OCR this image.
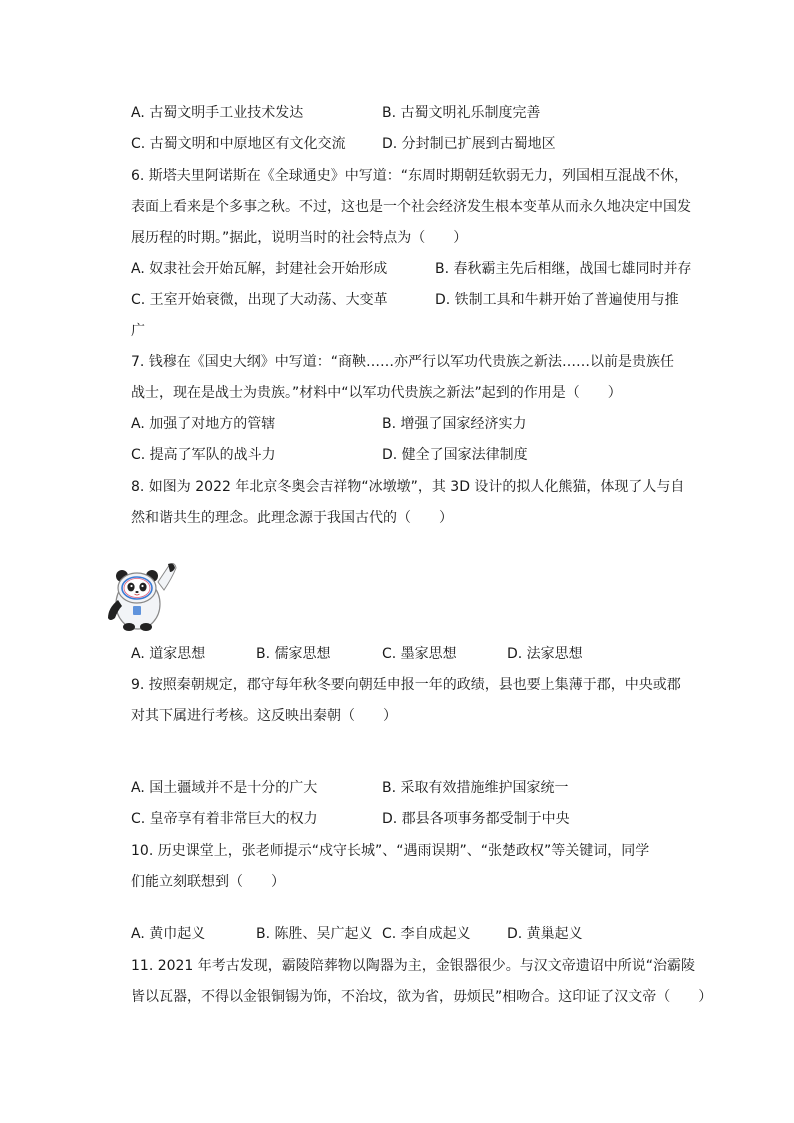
A. 古蜀文明手工业技术发达	B. 古蜀文明礼乐制度完善
C. 古蜀文明和中原地区有文化交流	D. 分封制已扩展到古蜀地区
6. 斯塔夫里阿诺斯在《全球通史》中写道：“东周时期朝廷软弱无力，列国相互混战不休，
表面上看来是个多事之秋。不过，这也是一个社会经济发生根本变革从而永久地决定中国发
展历程的时期。”据此，说明当时的社会特点为（　　）
A. 奴隶社会开始瓦解，封建社会开始形成	B. 春秋霸主先后相继，战国七雄同时并存
C. 王室开始衰微，出现了大动荡、大变革	D. 铁制工具和牛耕开始了普遍使用与推
广
7. 钱穆在《国史大纲》中写道：“商鞅……亦严行以军功代贵族之新法……以前是贵族任
战士，现在是战士为贵族。”材料中“以军功代贵族之新法”起到的作用是（　　）
A. 加强了对地方的管辖	B. 增强了国家经济实力
C. 提高了军队的战斗力	D. 健全了国家法律制度
8. 如图为 2022 年北京冬奥会吉祥物“冰墩墩”，其 3D 设计的拟人化熊猫，体现了人与自
然和谐共生的理念。此理念源于我国古代的（　　）
A. 道家思想	B. 儒家思想	C. 墨家思想	D. 法家思想
9. 按照秦朝规定，郡守每年秋冬要向朝廷申报一年的政绩，县也要上集薄于郡，中央或郡
对其下属进行考核。这反映出秦朝（　　）
A. 国土疆域并不是十分的广大	B. 采取有效措施维护国家统一
C. 皇帝享有着非常巨大的权力	D. 郡县各项事务都受制于中央
10. 历史课堂上，张老师提示“戍守长城”、“遇雨误期”、“张楚政权”等关键词，同学
们能立刻联想到（　　）
A. 黄巾起义	B. 陈胜、吴广起义 C. 李自成起义	D. 黄巢起义
11. 2021 年考古发现，霸陵陪葬物以陶器为主，金银器很少。与汉文帝遗诏中所说“治霸陵
皆以瓦器，不得以金银铜锡为饰，不治坟，欲为省，毋烦民”相吻合。这印证了汉文帝（　　）
